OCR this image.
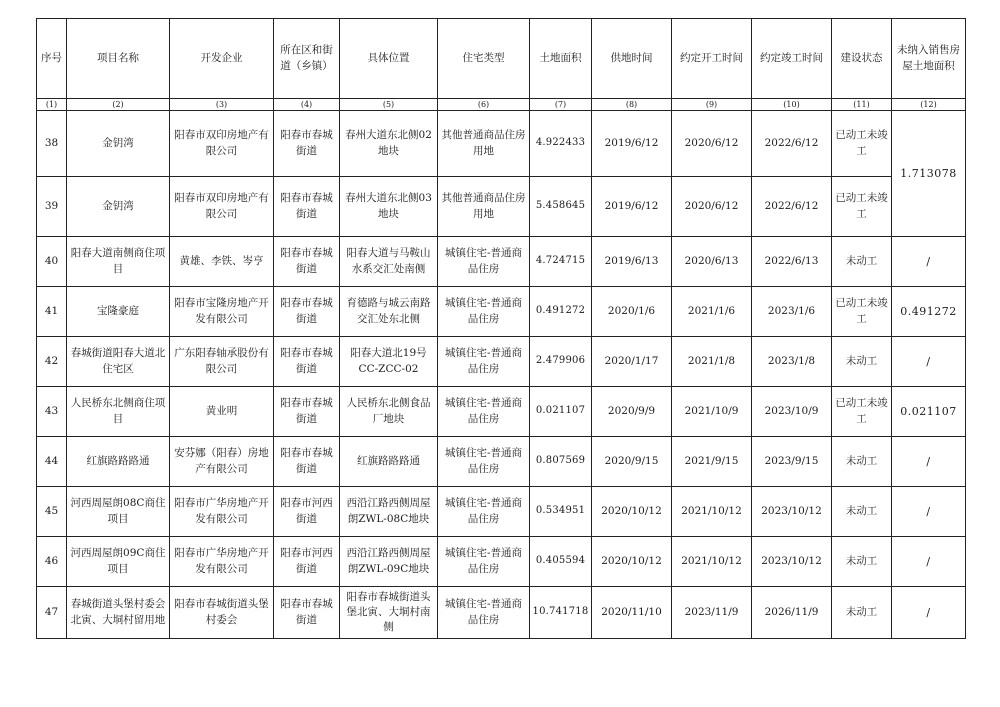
序号	项目名称	开发企业	所在区和街道（乡镇）	具体位置	住宅类型	土地面积	供地时间	约定开工时间	约定竣工时间	建设状态	未纳入销售房屋土地面积
(1)	(2)	(3)	(4)	(5)	(6)	(7)	(8)	(9)	(10)	(11)	(12)
38	金钥湾	阳春市双印房地产有限公司	阳春市春城街道	春州大道东北侧02地块	其他普通商品住房用地	4.922433	2019/6/12	2020/6/12	2022/6/12	已动工未竣工	1.713078
39	金钥湾	阳春市双印房地产有限公司	阳春市春城街道	春州大道东北侧03地块	其他普通商品住房用地	5.458645	2019/6/12	2020/6/12	2022/6/12	已动工未竣工	
40	阳春大道南侧商住项目	黄雄、李铁、岑亨	阳春市春城街道	阳春大道与马鞍山水系交汇处南侧	城镇住宅-普通商品住房	4.724715	2019/6/13	2020/6/13	2022/6/13	未动工	/
41	宝隆豪庭	阳春市宝隆房地产开发有限公司	阳春市春城街道	育德路与城云南路交汇处东北侧	城镇住宅-普通商品住房	0.491272	2020/1/6	2021/1/6	2023/1/6	已动工未竣工	0.491272
42	春城街道阳春大道北住宅区	广东阳春轴承股份有限公司	阳春市春城街道	阳春大道北19号CC-ZCC-02	城镇住宅-普通商品住房	2.479906	2020/1/17	2021/1/8	2023/1/8	未动工	/
43	人民桥东北侧商住项目	黄业明	阳春市春城街道	人民桥东北侧食品厂地块	城镇住宅-普通商品住房	0.021107	2020/9/9	2021/10/9	2023/10/9	已动工未竣工	0.021107
44	红旗路路路通	安芬娜（阳春）房地产有限公司	阳春市春城街道	红旗路路路通	城镇住宅-普通商品住房	0.807569	2020/9/15	2021/9/15	2023/9/15	未动工	/
45	河西周屋朗08C商住项目	阳春市广华房地产开发有限公司	阳春市河西街道	西沿江路西侧周屋朗ZWL-08C地块	城镇住宅-普通商品住房	0.534951	2020/10/12	2021/10/12	2023/10/12	未动工	/
46	河西周屋朗09C商住项目	阳春市广华房地产开发有限公司	阳春市河西街道	西沿江路西侧周屋朗ZWL-09C地块	城镇住宅-普通商品住房	0.405594	2020/10/12	2021/10/12	2023/10/12	未动工	/
47	春城街道头堡村委会北寅、大垌村留用地	阳春市春城街道头堡村委会	阳春市春城街道	阳春市春城街道头堡北寅、大垌村南侧	城镇住宅-普通商品住房	10.741718	2020/11/10	2023/11/9	2026/11/9	未动工	/
